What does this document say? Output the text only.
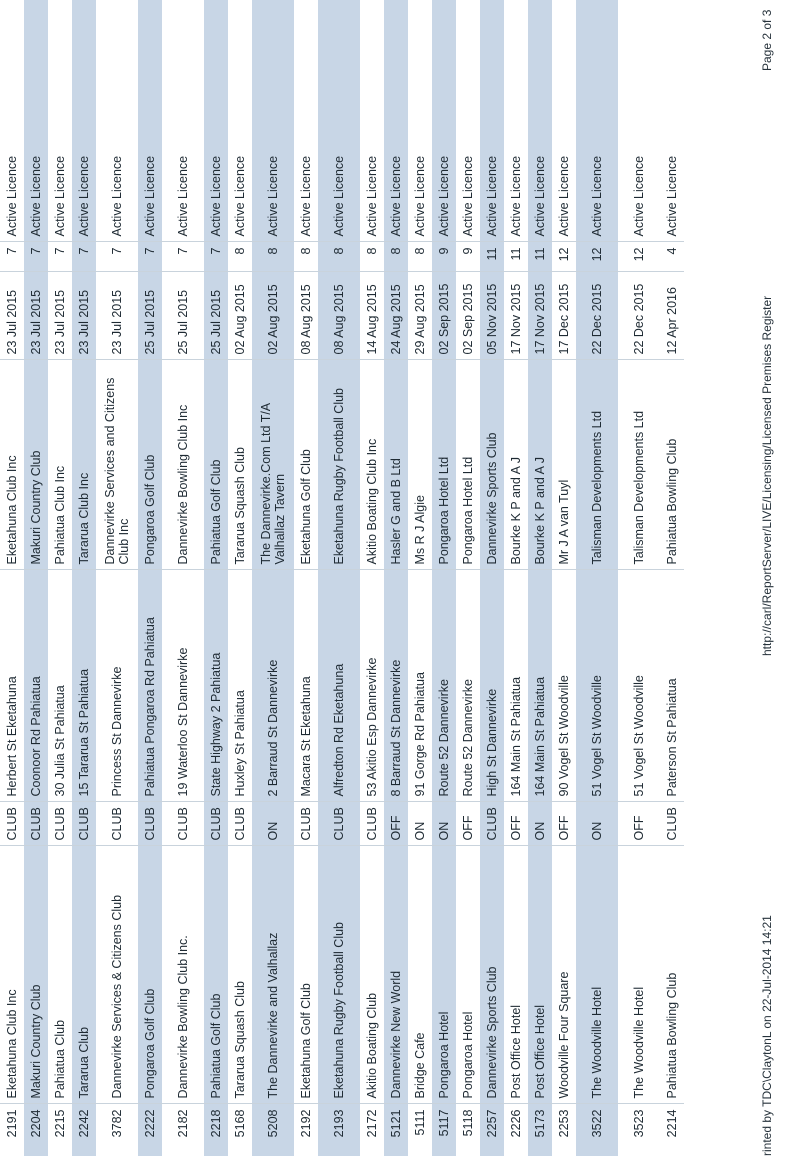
2191	Eketahuna Club Inc	CLUB	Herbert St Eketahuna	Eketahuna Club Inc	23 Jul 2015	7	Active Licence
2204	Makuri Country Club	CLUB	Coonoor Rd Pahiatua	Makuri Country Club	23 Jul 2015	7	Active Licence
2215	Pahiatua Club	CLUB	30 Julia St Pahiatua	Pahiatua Club Inc	23 Jul 2015	7	Active Licence
2242	Tararua Club	CLUB	15 Tararua St Pahiatua	Tararua Club Inc	23 Jul 2015	7	Active Licence
3782	Dannevirke Services & Citizens Club	CLUB	Princess St Dannevirke	Dannevirke Services and Citizens Club Inc	23 Jul 2015	7	Active Licence
2222	Pongaroa Golf Club	CLUB	Pahiatua Pongaroa Rd Pahiatua	Pongaroa Golf Club	25 Jul 2015	7	Active Licence
2182	Dannevirke Bowling Club Inc.	CLUB	19 Waterloo St Dannevirke	Dannevirke Bowling Club Inc	25 Jul 2015	7	Active Licence
2218	Pahiatua Golf Club	CLUB	State Highway 2 Pahiatua	Pahiatua Golf Club	25 Jul 2015	7	Active Licence
5168	Tararua Squash Club	CLUB	Huxley St Pahiatua	Tararua Squash Club	02 Aug 2015	8	Active Licence
5208	The Dannevirke and Valhallaz	ON	2 Barraud St Dannevirke	The Dannevirke.Com Ltd T/A Valhallaz Tavern	02 Aug 2015	8	Active Licence
2192	Eketahuna Golf Club	CLUB	Macara St Eketahuna	Eketahuna Golf Club	08 Aug 2015	8	Active Licence
2193	Eketahuna Rugby Football Club	CLUB	Alfredton Rd Eketahuna	Eketahuna Rugby Football Club	08 Aug 2015	8	Active Licence
2172	Akitio Boating Club	CLUB	53 Akitio Esp Dannevirke	Akitio Boating Club Inc	14 Aug 2015	8	Active Licence
5121	Dannevirke New World	OFF	8 Barraud St Dannevirke	Hasler G and B Ltd	24 Aug 2015	8	Active Licence
5111	Bridge Cafe	ON	91 Gorge Rd Pahiatua	Ms R J Algie	29 Aug 2015	8	Active Licence
5117	Pongaroa Hotel	ON	Route 52 Dannevirke	Pongaroa Hotel Ltd	02 Sep 2015	9	Active Licence
5118	Pongaroa Hotel	OFF	Route 52 Dannevirke	Pongaroa Hotel Ltd	02 Sep 2015	9	Active Licence
2257	Dannevirke Sports Club	CLUB	High St Dannevirke	Dannevirke Sports Club	05 Nov 2015	11	Active Licence
2226	Post Office Hotel	OFF	164 Main St Pahiatua	Bourke K P and A J	17 Nov 2015	11	Active Licence
5173	Post Office Hotel	ON	164 Main St Pahiatua	Bourke K P and A J	17 Nov 2015	11	Active Licence
2253	Woodville Four Square	OFF	90 Vogel St Woodville	Mr J A van Tuyl	17 Dec 2015	12	Active Licence
3522	The Woodville Hotel	ON	51 Vogel St Woodville	Talisman Developments Ltd	22 Dec 2015	12	Active Licence
3523	The Woodville Hotel	OFF	51 Vogel St Woodville	Talisman Developments Ltd	22 Dec 2015	12	Active Licence
2214	Pahiatua Bowling Club	CLUB	Paterson St Pahiatua	Pahiatua Bowling Club	12 Apr 2016	4	Active Licence
rinted by TDC\ClaytonL on 22-Jul-2014 14:21
http://carl/ReportServer/LIVE/Licensing/Licensed Premises Register
Page 2 of 3
